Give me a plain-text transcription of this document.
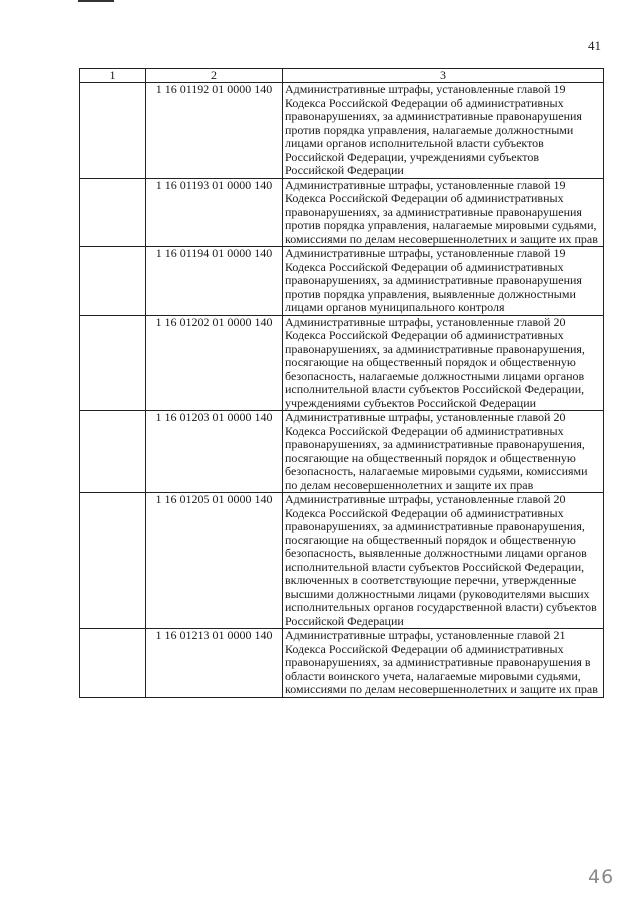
41
1	2	3
	1 16 01192 01 0000 140	Административные штрафы, установленные главой 19 Кодекса Российской Федерации об административных правонарушениях, за административные правонарушения против порядка управления, налагаемые должностными лицами органов исполнительной власти субъектов Российской Федерации, учреждениями субъектов Российской Федерации
	1 16 01193 01 0000 140	Административные штрафы, установленные главой 19 Кодекса Российской Федерации об административных правонарушениях, за административные правонарушения против порядка управления, налагаемые мировыми судьями, комиссиями по делам несовершеннолетних и защите их прав
	1 16 01194 01 0000 140	Административные штрафы, установленные главой 19 Кодекса Российской Федерации об административных правонарушениях, за административные правонарушения против порядка управления, выявленные должностными лицами органов муниципального контроля
	1 16 01202 01 0000 140	Административные штрафы, установленные главой 20 Кодекса Российской Федерации об административных правонарушениях, за административные правонарушения, посягающие на общественный порядок и общественную безопасность, налагаемые должностными лицами органов исполнительной власти субъектов Российской Федерации, учреждениями субъектов Российской Федерации
	1 16 01203 01 0000 140	Административные штрафы, установленные главой 20 Кодекса Российской Федерации об административных правонарушениях, за административные правонарушения, посягающие на общественный порядок и общественную безопасность, налагаемые мировыми судьями, комиссиями по делам несовершеннолетних и защите их прав
	1 16 01205 01 0000 140	Административные штрафы, установленные главой 20 Кодекса Российской Федерации об административных правонарушениях, за административные правонарушения, посягающие на общественный порядок и общественную безопасность, выявленные должностными лицами органов исполнительной власти субъектов Российской Федерации, включенных в соответствующие перечни, утвержденные высшими должностными лицами (руководителями высших исполнительных органов государственной власти) субъектов Российской Федерации
	1 16 01213 01 0000 140	Административные штрафы, установленные главой 21 Кодекса Российской Федерации об административных правонарушениях, за административные правонарушения в области воинского учета, налагаемые мировыми судьями, комиссиями по делам несовершеннолетних и защите их прав
46
